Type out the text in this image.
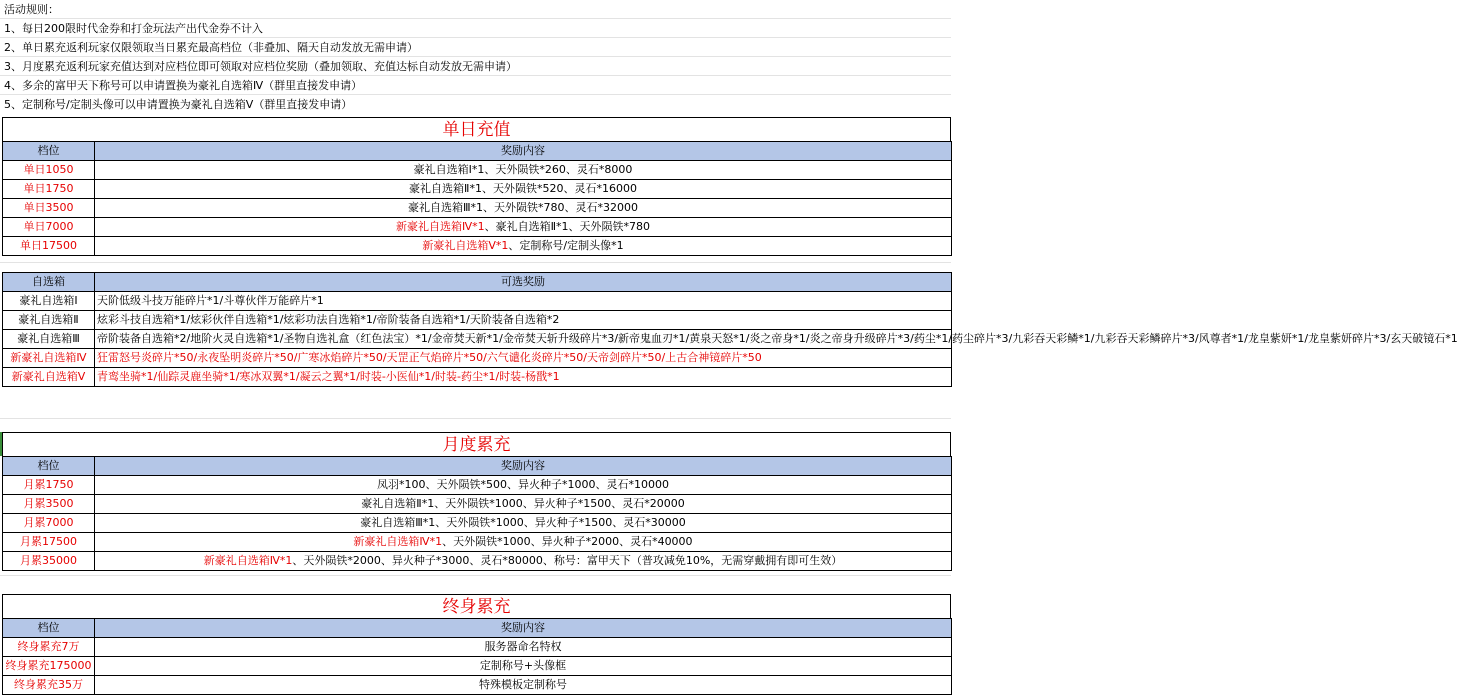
活动规则：
1、每日200限时代金券和打金玩法产出代金券不计入
2、单日累充返利玩家仅限领取当日累充最高档位（非叠加、隔天自动发放无需申请）
3、月度累充返利玩家充值达到对应档位即可领取对应档位奖励（叠加领取、充值达标自动发放无需申请）
4、多余的富甲天下称号可以申请置换为豪礼自选箱Ⅳ（群里直接发申请）
5、定制称号/定制头像可以申请置换为豪礼自选箱Ⅴ（群里直接发申请）
单日充值
档位	奖励内容
单日1050	豪礼自选箱Ⅰ*1、天外陨铁*260、灵石*8000
单日1750	豪礼自选箱Ⅱ*1、天外陨铁*520、灵石*16000
单日3500	豪礼自选箱Ⅲ*1、天外陨铁*780、灵石*32000
单日7000	新豪礼自选箱Ⅳ*1、豪礼自选箱Ⅱ*1、天外陨铁*780
单日17500	新豪礼自选箱Ⅴ*1、定制称号/定制头像*1
自选箱	可选奖励
豪礼自选箱Ⅰ	天阶低级斗技万能碎片*1/斗尊伙伴万能碎片*1
豪礼自选箱Ⅱ	炫彩斗技自选箱*1/炫彩伙伴自选箱*1/炫彩功法自选箱*1/帝阶装备自选箱*1/天阶装备自选箱*2
豪礼自选箱Ⅲ	帝阶装备自选箱*2/地阶火灵自选箱*1/圣物自选礼盒（红色法宝）*1/金帝焚天新*1/金帝焚天斩升级碎片*3/新帝鬼血刃*1/黄泉天怒*1/炎之帝身*1/炎之帝身升级碎片*3/药尘*1/药尘碎片*3/九彩吞天彩鳞*1/九彩吞天彩鳞碎片*3/风尊者*1/龙皇紫妍*1/龙皇紫妍碎片*3/玄天破镜石*1
新豪礼自选箱Ⅳ	狂雷怒号炎碎片*50/永夜坠明炎碎片*50/广寒冰焰碎片*50/天罡正气焰碎片*50/六气谴化炎碎片*50/天帝剑碎片*50/上古合神镜碎片*50
新豪礼自选箱Ⅴ	青鸾坐骑*1/仙踪灵鹿坐骑*1/寒冰双翼*1/凝云之翼*1/时装-小医仙*1/时装-药尘*1/时装-杨戬*1
月度累充
档位	奖励内容
月累1750	凤羽*100、天外陨铁*500、异火种子*1000、灵石*10000
月累3500	豪礼自选箱Ⅱ*1、天外陨铁*1000、异火种子*1500、灵石*20000
月累7000	豪礼自选箱Ⅲ*1、天外陨铁*1000、异火种子*1500、灵石*30000
月累17500	新豪礼自选箱Ⅳ*1、天外陨铁*1000、异火种子*2000、灵石*40000
月累35000	新豪礼自选箱Ⅳ*1、天外陨铁*2000、异火种子*3000、灵石*80000、称号：富甲天下（普攻减免10%，无需穿戴拥有即可生效）
终身累充
档位	奖励内容
终身累充7万	服务器命名特权
终身累充175000	定制称号+头像框
终身累充35万	特殊模板定制称号
